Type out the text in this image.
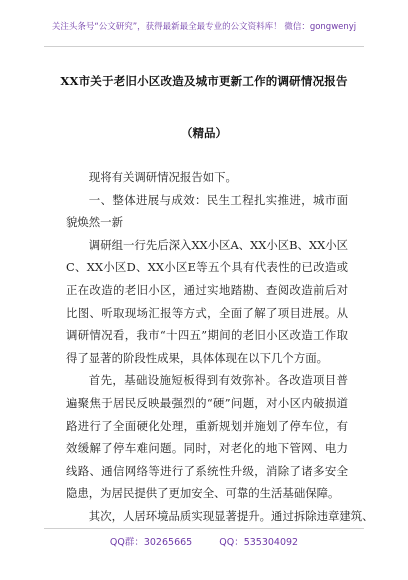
关注头条号“公文研究”，获得最新最全最专业的公文资料库！ 微信：gongwenyj
XX市关于老旧小区改造及城市更新工作的调研情况报告
（精品）

现将有关调研情况报告如下。

一、整体进展与成效：民生工程扎实推进，城市面貌焕然一新

调研组一行先后深入XX小区A、XX小区B、XX小区C、XX小区D、XX小区E等五个具有代表性的已改造或正在改造的老旧小区，通过实地踏勘、查阅改造前后对比图、听取现场汇报等方式，全面了解了项目进展。从调研情况看，我市“十四五”期间的老旧小区改造工作取得了显著的阶段性成果，具体体现在以下几个方面。

首先，基础设施短板得到有效弥补。各改造项目普遍聚焦于居民反映最强烈的“硬”问题，对小区内破损道路进行了全面硬化处理，重新规划并施划了停车位，有效缓解了停车难问题。同时，对老化的地下管网、电力线路、通信网络等进行了系统性升级，消除了诸多安全隐患，为居民提供了更加安全、可靠的生活基础保障。

其次，人居环境品质实现显著提升。通过拆除违章建筑、

QQ群：30265665	QQ：535304092
